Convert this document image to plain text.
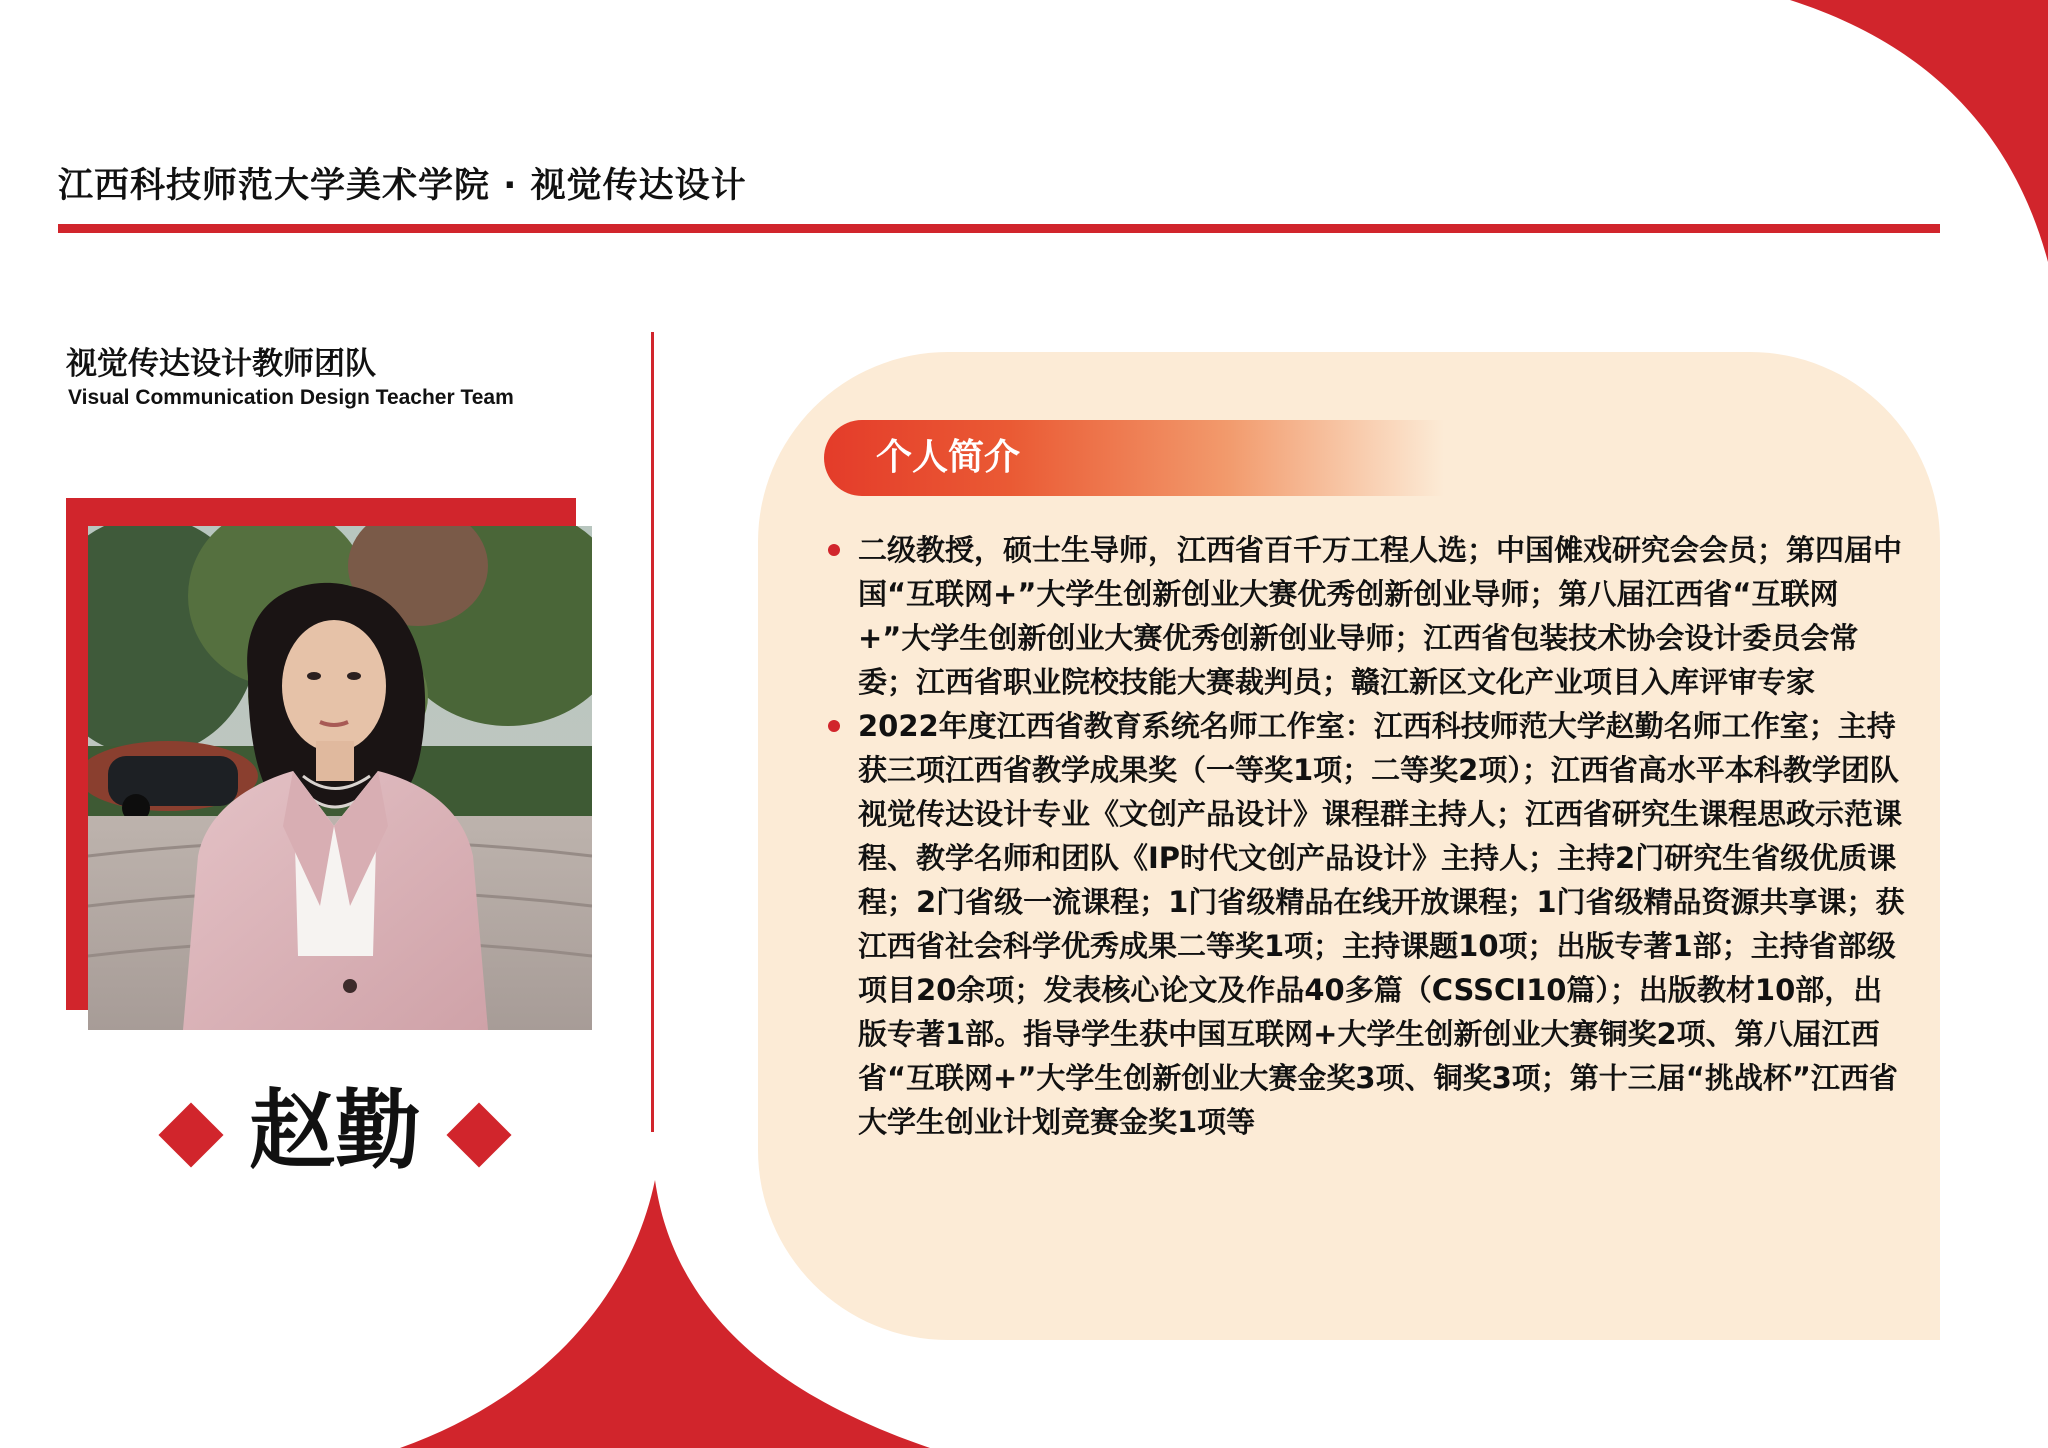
江西科技师范大学美术学院 · 视觉传达设计
视觉传达设计教师团队
Visual Communication Design Teacher Team
赵勤
个人简介
二级教授，硕士生导师，江西省百千万工程人选；中国傩戏研究会会员；第四届中国“互联网+”大学生创新创业大赛优秀创新创业导师；第八届江西省“互联网+”大学生创新创业大赛优秀创新创业导师；江西省包装技术协会设计委员会常委；江西省职业院校技能大赛裁判员；赣江新区文化产业项目入库评审专家
2022年度江西省教育系统名师工作室：江西科技师范大学赵勤名师工作室；主持获三项江西省教学成果奖（一等奖1项；二等奖2项）；江西省高水平本科教学团队视觉传达设计专业《文创产品设计》课程群主持人；江西省研究生课程思政示范课程、教学名师和团队《IP时代文创产品设计》主持人；主持2门研究生省级优质课程；2门省级一流课程；1门省级精品在线开放课程；1门省级精品资源共享课；获江西省社会科学优秀成果二等奖1项；主持课题10项；出版专著1部；主持省部级项目20余项；发表核心论文及作品40多篇（CSSCI10篇）；出版教材10部，出版专著1部。指导学生获中国互联网+大学生创新创业大赛铜奖2项、第八届江西省“互联网+”大学生创新创业大赛金奖3项、铜奖3项；第十三届“挑战杯”江西省大学生创业计划竞赛金奖1项等
